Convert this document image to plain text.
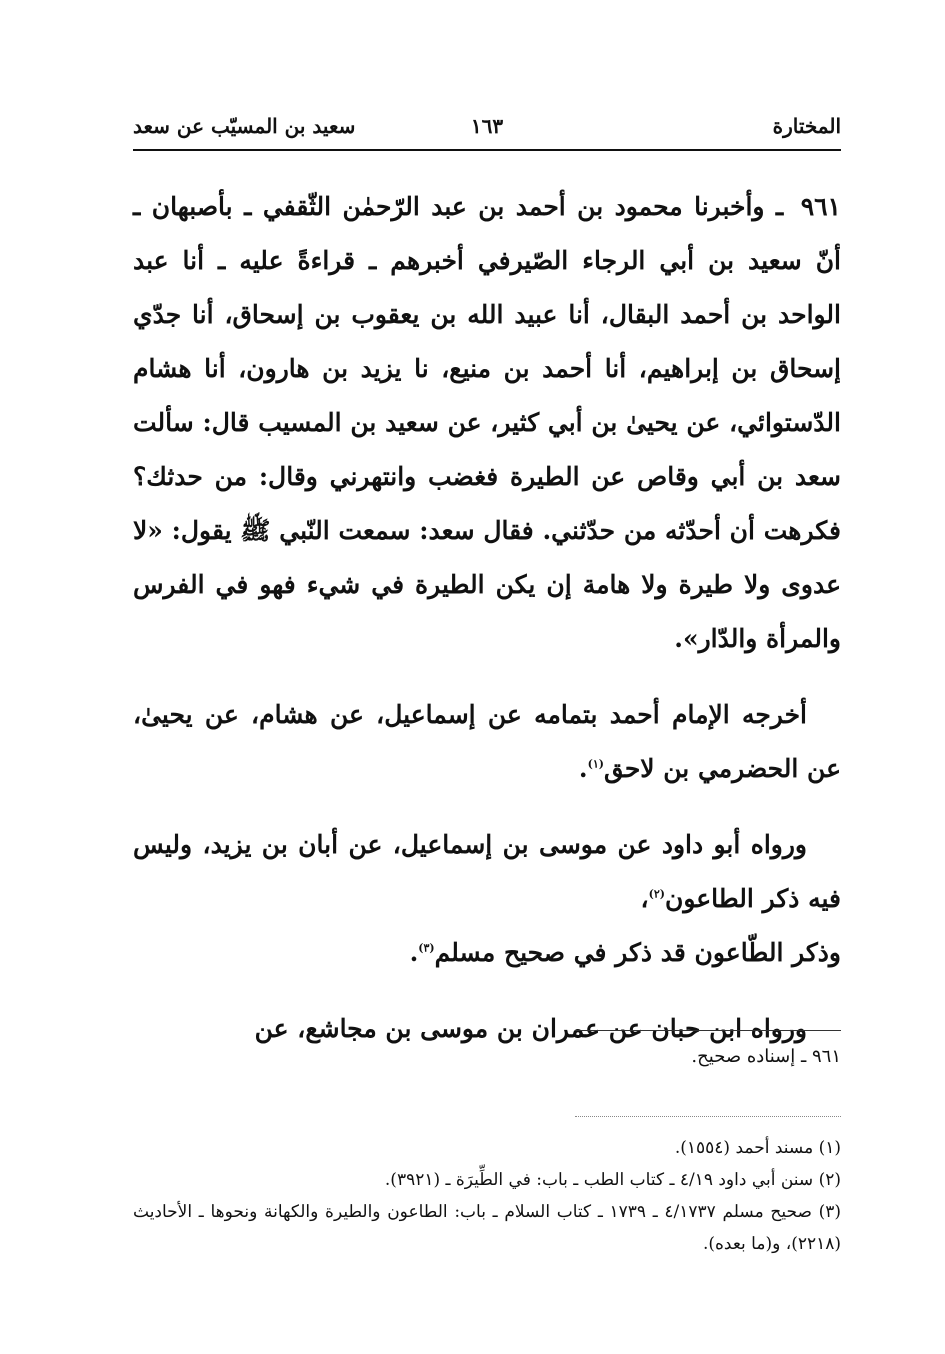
المختارة
١٦٣
سعيد بن المسيّب عن سعد

٩٦١ ـ وأخبرنا محمود بن أحمد بن عبد الرّحمٰن الثّقفي ـ بأصبهان ـ أنّ سعيد بن أبي الرجاء الصّيرفي أخبرهم ـ قراءةً عليه ـ أنا عبد الواحد بن أحمد البقال، أنا عبيد الله بن يعقوب بن إسحاق، أنا جدّي إسحاق بن إبراهيم، أنا أحمد بن منيع، نا يزيد بن هارون، أنا هشام الدّستوائي، عن يحيىٰ بن أبي كثير، عن سعيد بن المسيب قال: سألت سعد بن أبي وقاص عن الطيرة فغضب وانتهرني وقال: من حدثك؟ فكرهت أن أحدّثه من حدّثني. فقال سعد: سمعت النّبي ﷺ يقول: «لا عدوى ولا طيرة ولا هامة إن يكن الطيرة في شيء فهو في الفرس والمرأة والدّار».

أخرجه الإمام أحمد بتمامه عن إسماعيل، عن هشام، عن يحيىٰ، عن الحضرمي بن لاحق$^{(١)}$.

ورواه أبو داود عن موسى بن إسماعيل، عن أبان بن يزيد، وليس فيه ذكر الطاعون$^{(٢)}$،

وذكر الطّاعون قد ذكر في صحيح مسلم$^{(٣)}$.

ورواه ابن حبان عن عمران بن موسى بن مجاشع، عن

٩٦١ ـ إسناده صحيح.

(١) مسند أحمد (١٥٥٤).

(٢) سنن أبي داود ٤/١٩ ـ كتاب الطب ـ باب: في الطِّيرَة ـ (٣٩٢١).

(٣) صحيح مسلم ٤/١٧٣٧ ـ ١٧٣٩ ـ كتاب السلام ـ باب: الطاعون والطيرة والكهانة ونحوها ـ الأحاديث (٢٢١٨)، و(ما بعده).
